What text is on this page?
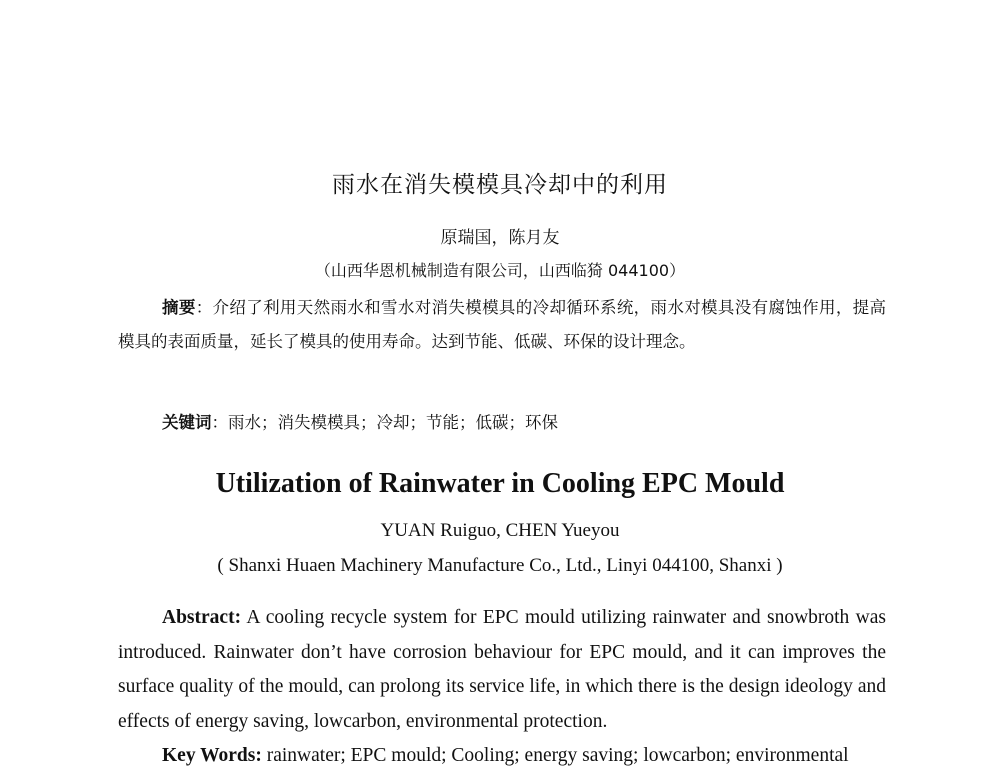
雨水在消失模模具冷却中的利用
原瑞国，陈月友
（山西华恩机械制造有限公司，山西临猗 044100）
摘要：介绍了利用天然雨水和雪水对消失模模具的冷却循环系统，雨水对模具没有腐蚀作用，提高模具的表面质量，延长了模具的使用寿命。达到节能、低碳、环保的设计理念。
关键词：雨水；消失模模具；冷却；节能；低碳；环保
Utilization of Rainwater in Cooling EPC Mould
YUAN Ruiguo, CHEN Yueyou
( Shanxi Huaen Machinery Manufacture Co., Ltd., Linyi 044100, Shanxi )
Abstract: A cooling recycle system for EPC mould utilizing rainwater and snowbroth was introduced. Rainwater don’t have corrosion behaviour for EPC mould, and it can improves the surface quality of the mould, can prolong its service life, in which there is the design ideology and effects of energy saving, lowcarbon, environmental protection.
Key Words: rainwater; EPC mould; Cooling; energy saving; lowcarbon; environmental
